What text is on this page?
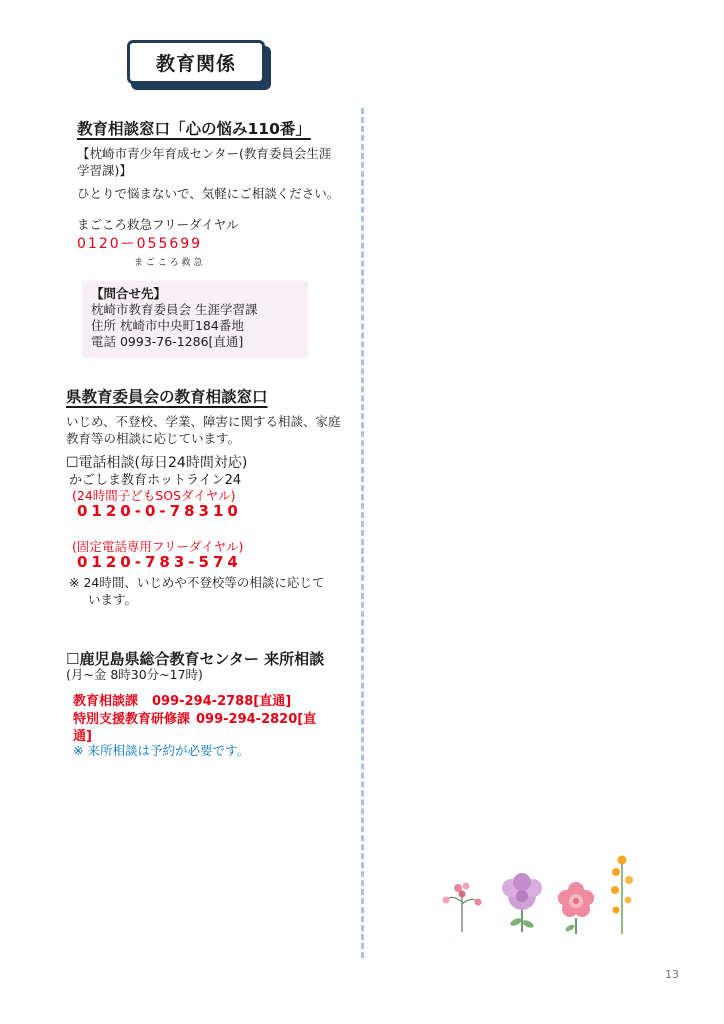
教育関係
教育相談窓口「心の悩み110番」
【枕崎市青少年育成センター(教育委員会生涯
学習課)】
ひとりで悩まないで、気軽にご相談ください。
まごころ救急フリーダイヤル
0120ー055699
ま ご こ ろ 救 急
【問合せ先】
枕崎市教育委員会 生涯学習課
住所 枕崎市中央町184番地
電話 0993-76-1286[直通]
県教育委員会の教育相談窓口
いじめ、不登校、学業、障害に関する相談、家庭
教育等の相談に応じています。
☐電話相談(毎日24時間対応)
かごしま教育ホットライン24
(24時間子どもSOSダイヤル)
0120-0-78310
(固定電話専用フリーダイヤル)
0120-783-574
※ 24時間、いじめや不登校等の相談に応じて
います。
☐鹿児島県総合教育センター 来所相談
(月~金 8時30分~17時)
教育相談課 099-294-2788[直通]
特別支援教育研修課 099-294-2820[直
通]
※ 来所相談は予約が必要です。
13
